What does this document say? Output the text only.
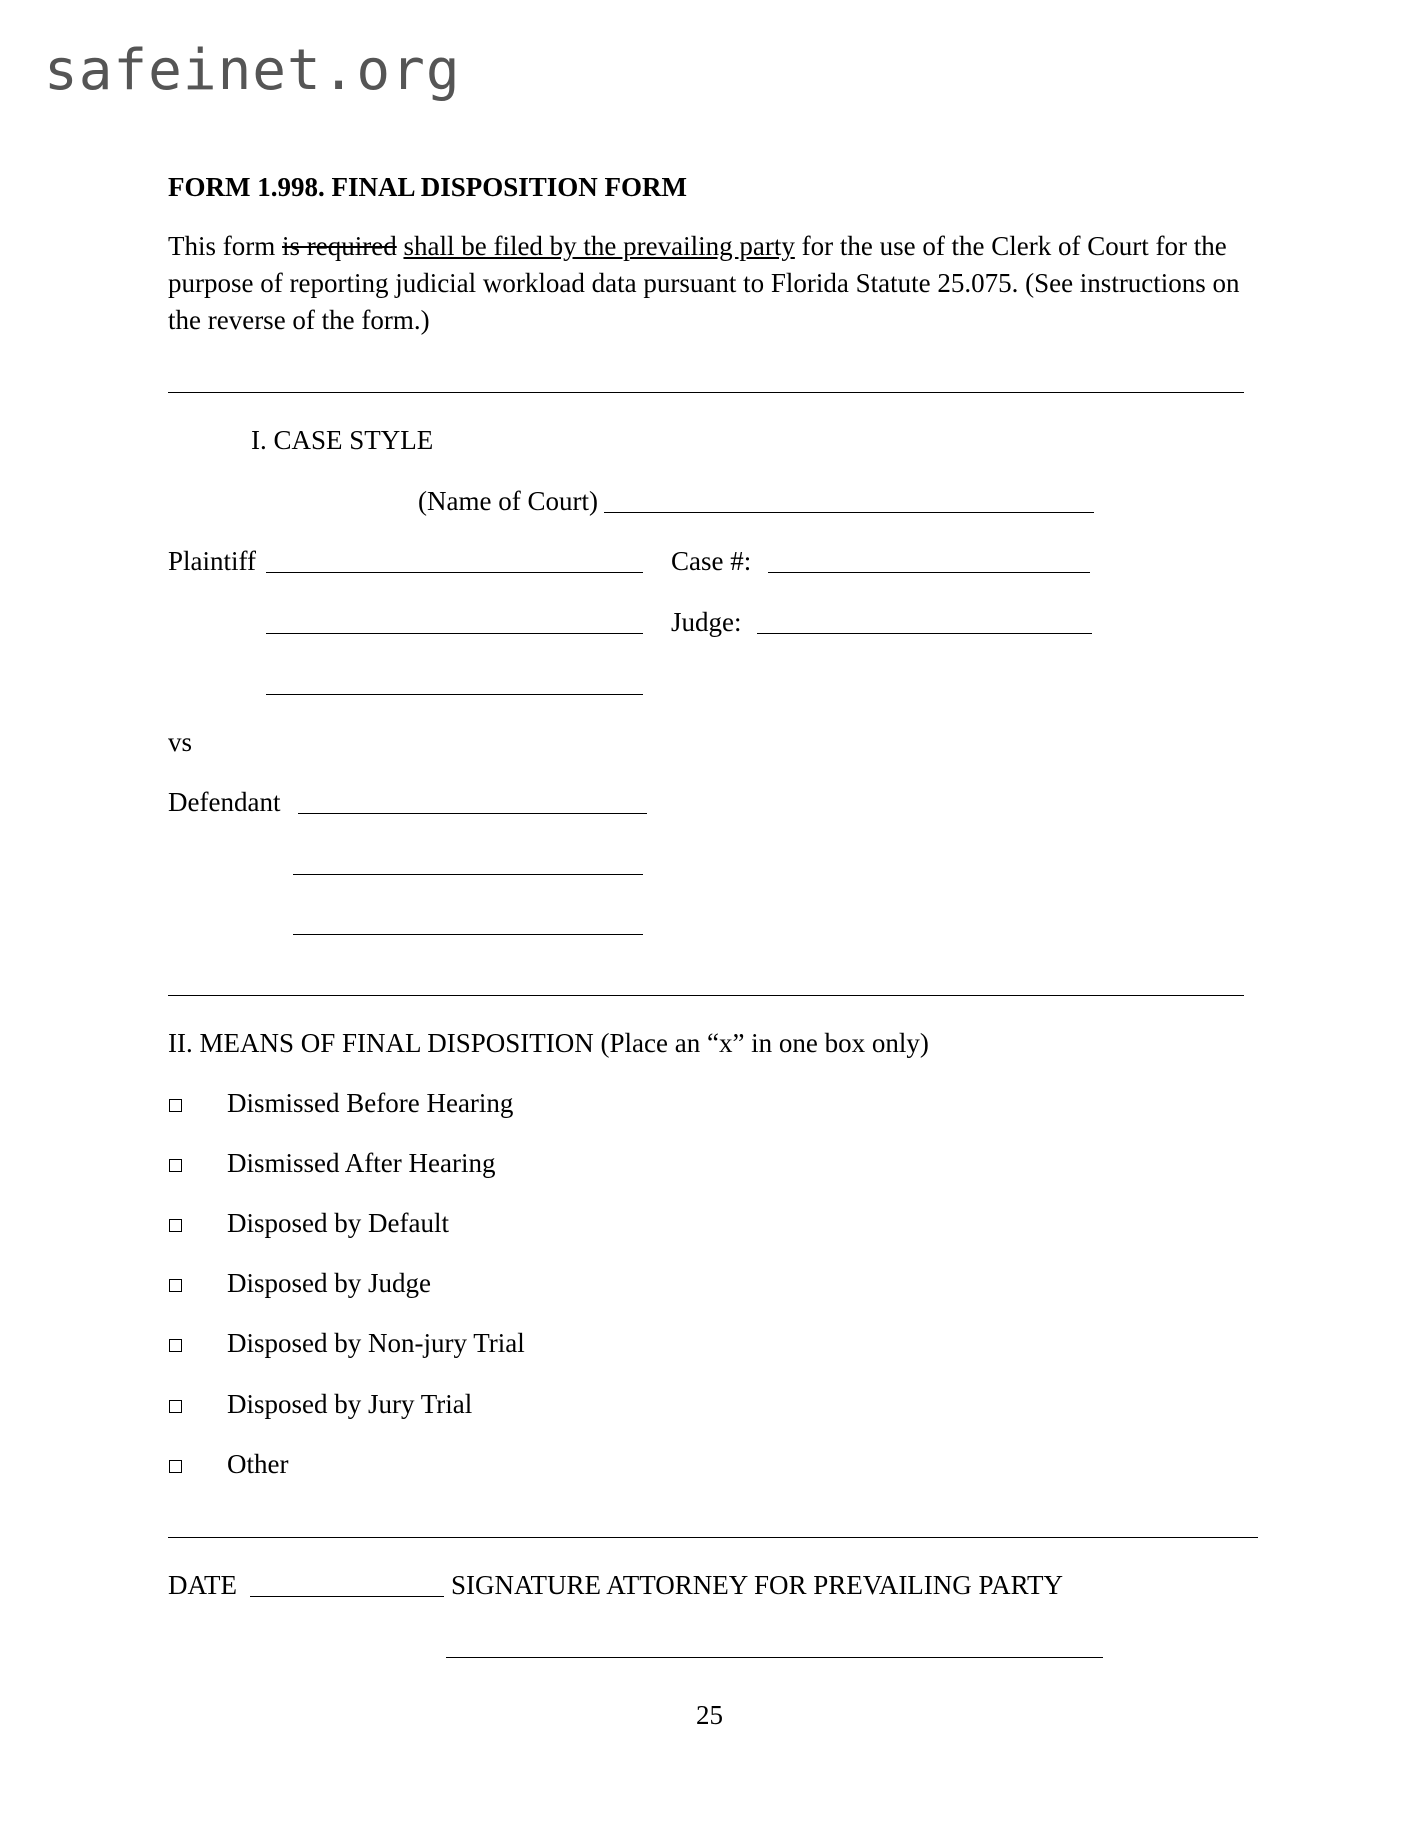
safeinet.org
FORM 1.998. FINAL DISPOSITION FORM
This form is required shall be filed by the prevailing party for the use of the Clerk of Court for the purpose of reporting judicial workload data pursuant to Florida Statute 25.075. (See instructions on the reverse of the form.)
I. CASE STYLE
(Name of Court)
Plaintiff	Case #:
Judge:
vs
Defendant
II. MEANS OF FINAL DISPOSITION (Place an “x” in one box only)
Dismissed Before Hearing
Dismissed After Hearing
Disposed by Default
Disposed by Judge
Disposed by Non-jury Trial
Disposed by Jury Trial
Other
DATE	SIGNATURE ATTORNEY FOR PREVAILING PARTY
25
